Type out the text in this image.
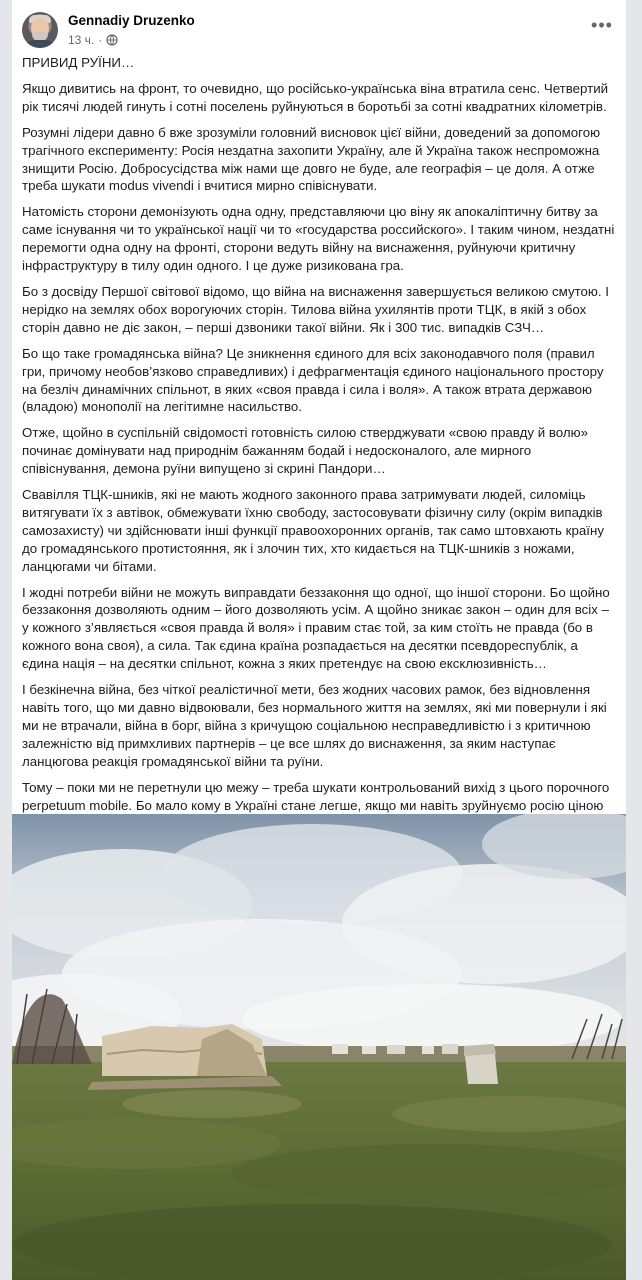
Gennadiy Druzenko
13 ч. ·
•••

ПРИВИД РУЇНИ…

Якщо дивитись на фронт, то очевидно, що російсько-українська віна втратила сенс. Четвертий рік тисячі людей гинуть і сотні поселень руйнуються в боротьбі за сотні квадратних кілометрів.

Розумні лідери давно б вже зрозуміли головний висновок цієї війни, доведений за допомогою трагічного експерименту: Росія нездатна захопити Україну, але й Україна також неспроможна знищити Росію. Добросусідства між нами ще довго не буде, але географія – це доля. А отже треба шукати modus vivendi і вчитися мирно співіснувати.

Натомість сторони демонізують одна одну, представляючи цю віну як апокаліптичну битву за саме існування чи то української нації чи то «государства российского». І таким чином, нездатні перемогти одна одну на фронті, сторони ведуть війну на виснаження, руйнуючи критичну інфраструктуру в тилу один одного. І це дуже ризикована гра.

Бо з досвіду Першої світової відомо, що війна на виснаження завершується великою смутою. І нерідко на землях обох ворогуючих сторін. Тилова війна ухилянтів проти ТЦК, в якій з обох сторін давно не діє закон, – перші дзвоники такої війни. Як і 300 тис. випадків СЗЧ…

Бо що таке громадянська війна? Це зникнення єдиного для всіх законодавчого поля (правил гри, причому необов’язково справедливих) і дефрагментація єдиного національного простору на безліч динамічних спільнот, в яких «своя правда і сила і воля». А також втрата державою (владою) монополії на легітимне насильство.

Отже, щойно в суспільній свідомості готовність силою стверджувати «свою правду й волю» починає домінувати над природнім бажанням бодай і недосконалого, але мирного співіснування, демона руїни випущено зі скрині Пандори…

Свавілля ТЦК-шників, які не мають жодного законного права затримувати людей, силоміць витягувати їх з автівок, обмежувати їхню свободу, застосовувати фізичну силу (окрім випадків самозахисту) чи здійснювати інші функції правоохоронних органів, так само штовхають країну до громадянського протистояння, як і злочин тих, хто кидається на ТЦК-шників з ножами, ланцюгами чи бітами.

І жодні потреби війни не можуть виправдати беззаконня що одної, що іншої сторони. Бо щойно беззаконня дозволяють одним – його дозволяють усім. А щойно зникає закон – один для всіх – у кожного з’являється «своя правда й воля» і правим стає той, за ким стоїть не правда (бо в кожного вона своя), а сила. Так єдина країна розпадається на десятки псевдореспублік, а єдина нація – на десятки спільнот, кожна з яких претендує на свою ексклюзивність…

І безкінечна війна, без чіткої реалістичної мети, без жодних часових рамок, без відновлення навіть того, що ми давно відвоювали, без нормального життя на землях, які ми повернули і які ми не втрачали, війна в борг, війна з кричущою соціальною несправедливістю і з критичною залежністю від примхливих партнерів – це все шлях до виснаження, за яким наступає ланцюгова реакція громадянської війни та руїни.

Тому – поки ми не перетнули цю межу – треба шукати контрольований вихід з цього порочного perpetuum mobile. Бо мало кому в Україні стане легше, якщо ми навіть зруйнуємо росію ціною
